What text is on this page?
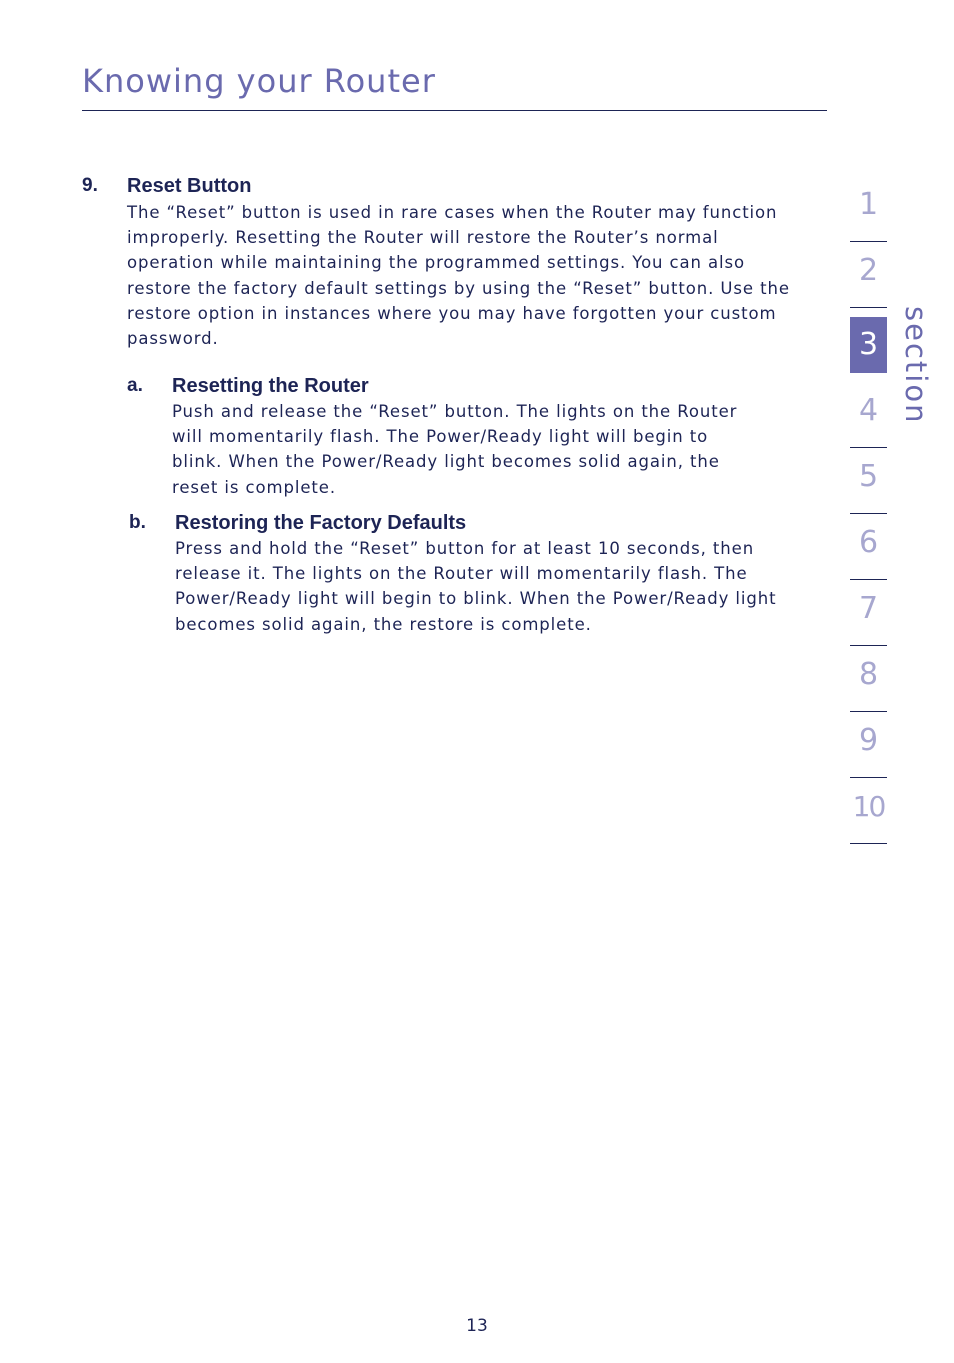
Knowing your Router
9. Reset Button

The “Reset” button is used in rare cases when the Router may function improperly. Resetting the Router will restore the Router’s normal operation while maintaining the programmed settings. You can also restore the factory default settings by using the “Reset” button. Use the restore option in instances where you may have forgotten your custom password.

a. Resetting the Router

Push and release the “Reset” button. The lights on the Router will momentarily flash. The Power/Ready light will begin to blink. When the Power/Ready light becomes solid again, the reset is complete.

b. Restoring the Factory Defaults

Press and hold the “Reset” button for at least 10 seconds, then release it. The lights on the Router will momentarily flash. The Power/Ready light will begin to blink. When the Power/Ready light becomes solid again, the restore is complete.

1
2
3
4
5
6
7
8
9
10
section
13
